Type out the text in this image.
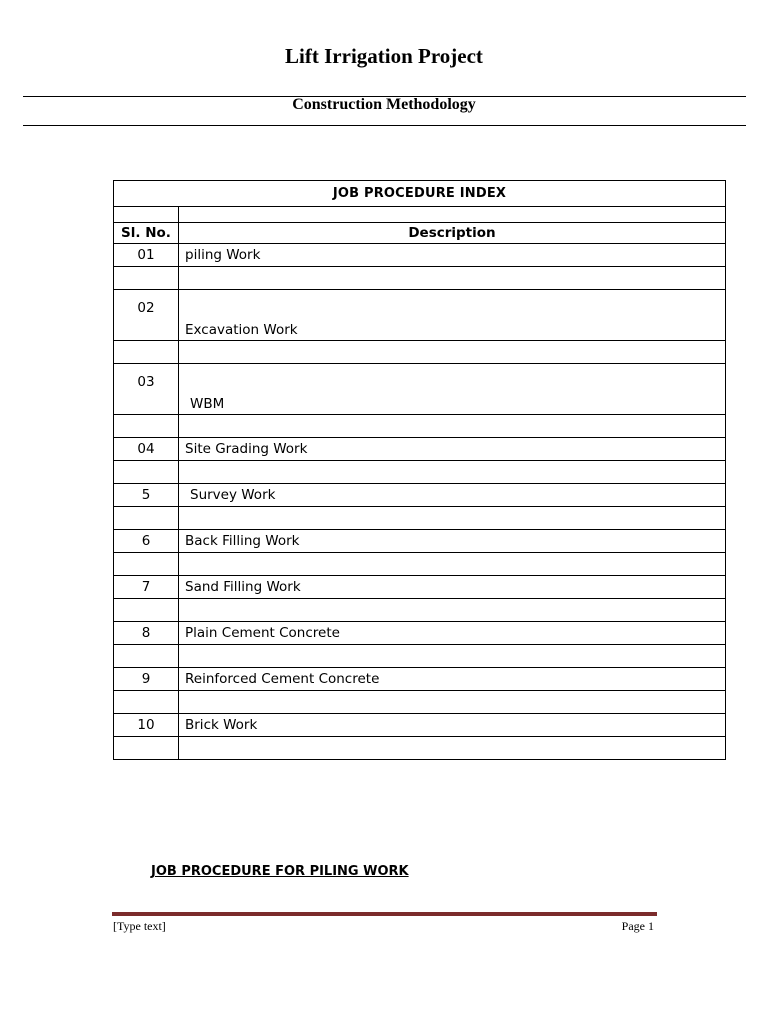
Lift Irrigation Project
Construction Methodology
JOB PROCEDURE INDEX	

Sl. No.	Description
01	piling Work

02	Excavation Work

03	WBM

04	Site Grading Work

5	Survey Work

6	Back Filling Work

7	Sand Filling Work

8	Plain Cement Concrete

9	Reinforced Cement Concrete

10	Brick Work

JOB PROCEDURE FOR PILING WORK
[Type text]	Page 1
